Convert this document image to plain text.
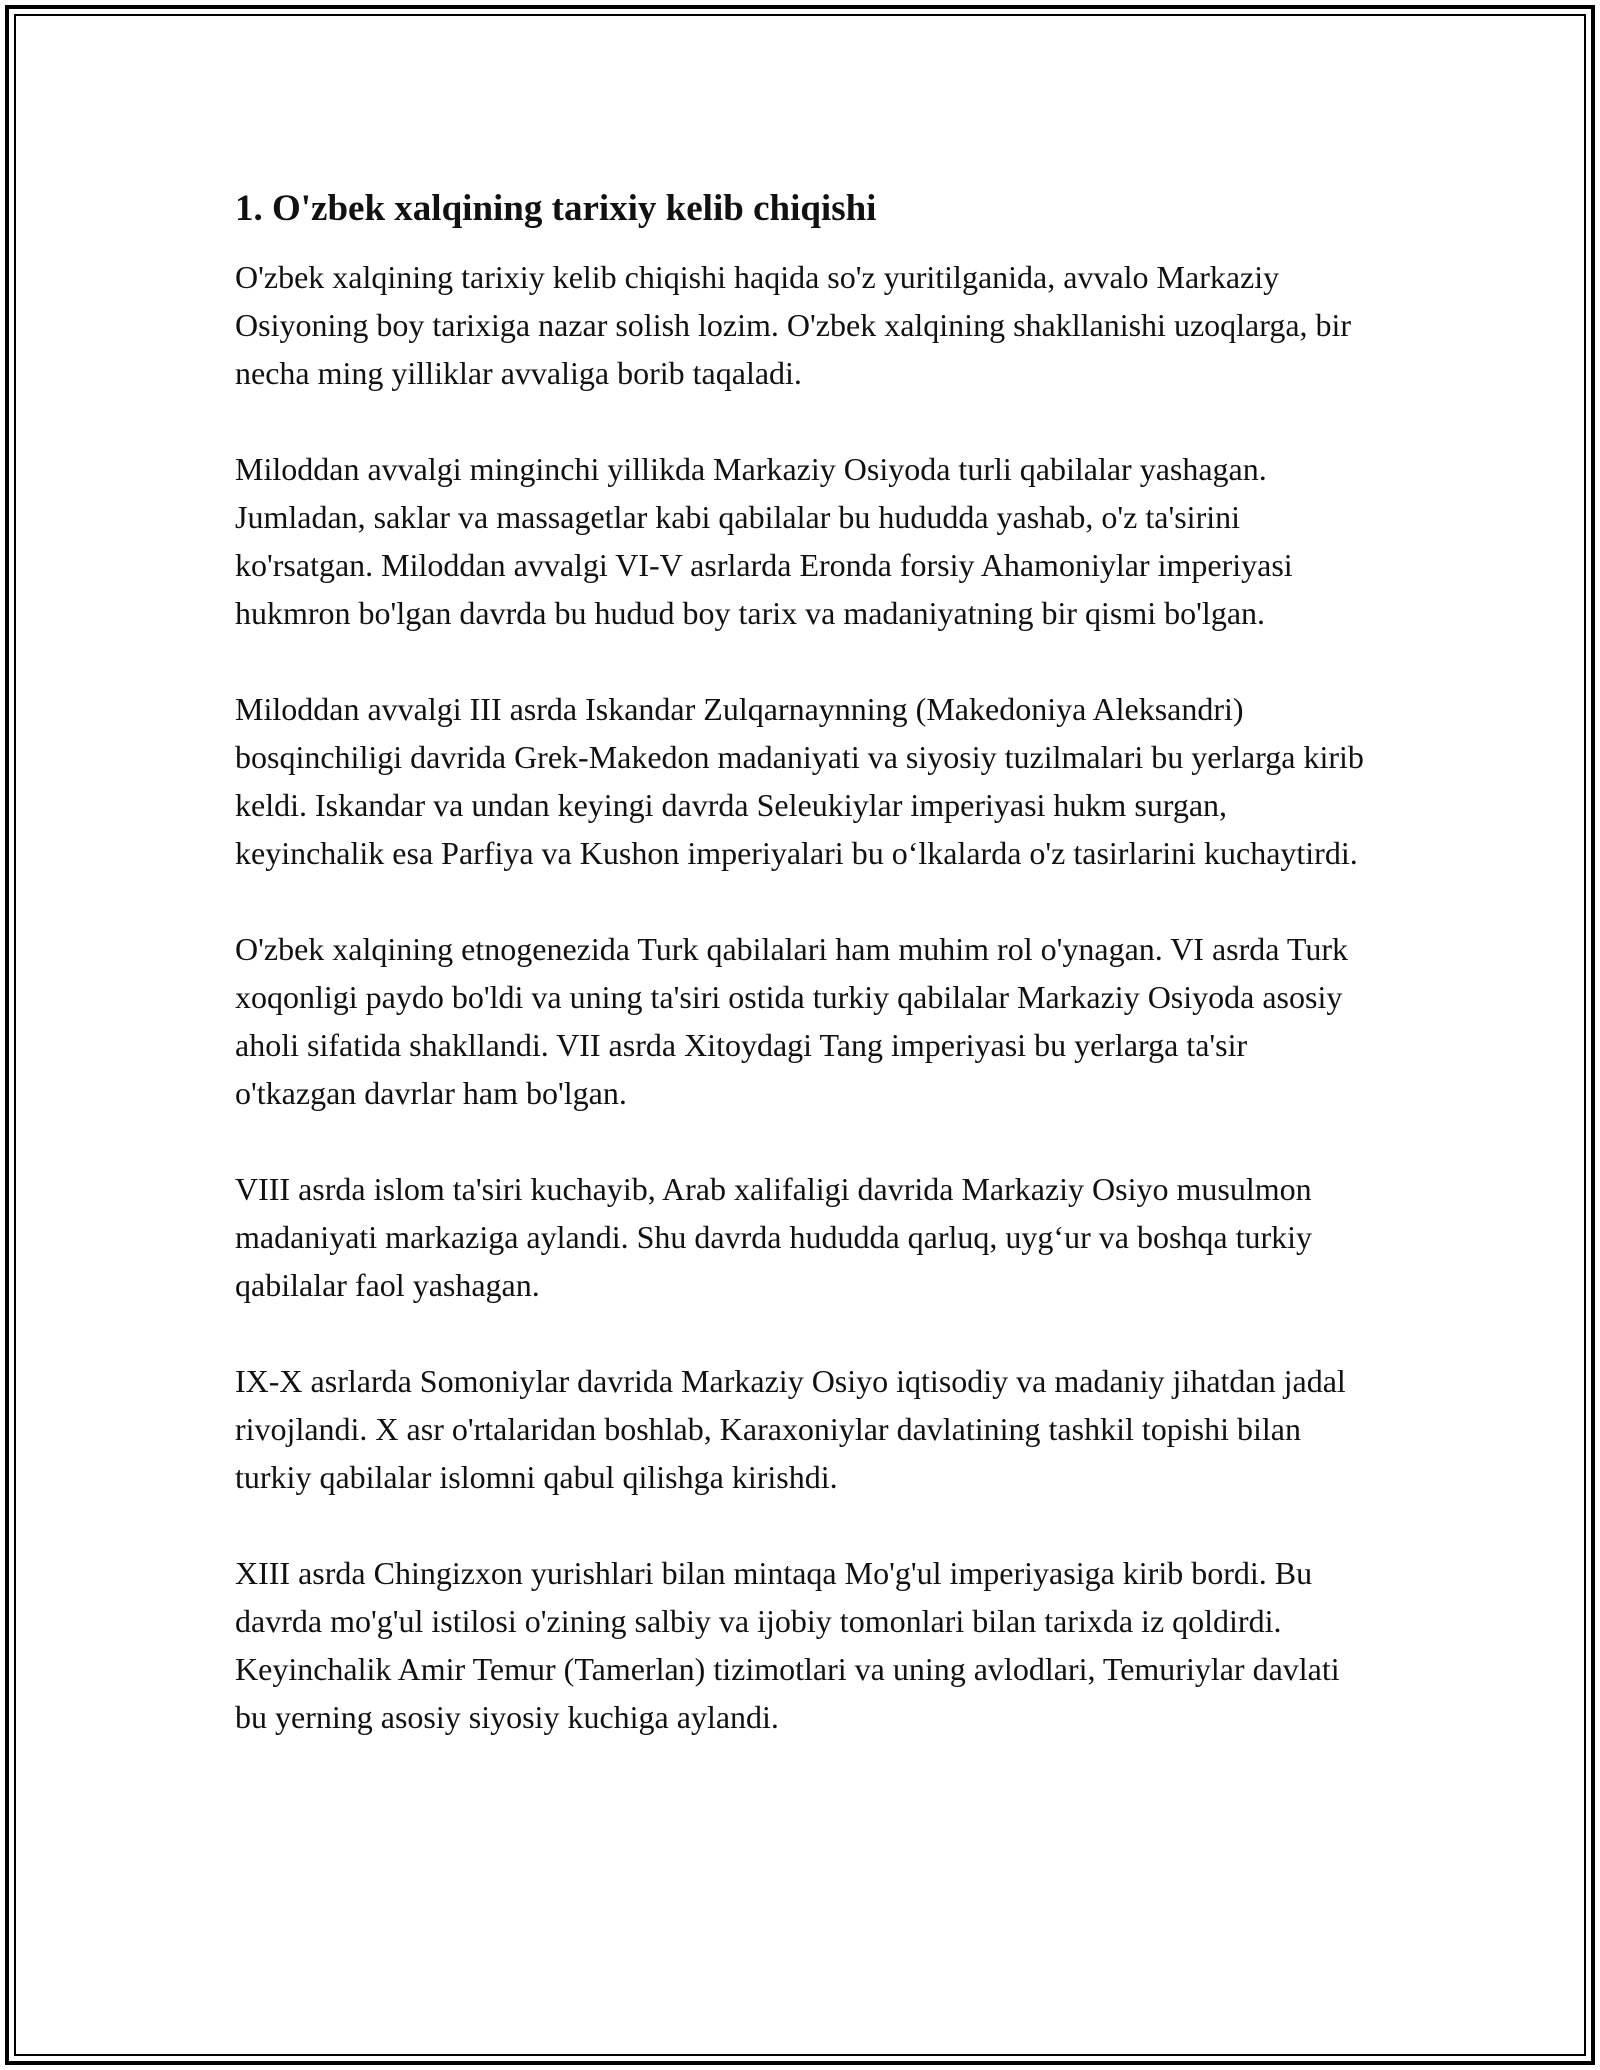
1. O'zbek xalqining tarixiy kelib chiqishi

O'zbek xalqining tarixiy kelib chiqishi haqida so'z yuritilganida, avvalo Markaziy Osiyoning boy tarixiga nazar solish lozim. O'zbek xalqining shakllanishi uzoqlarga, bir necha ming yilliklar avvaliga borib taqaladi.

Miloddan avvalgi minginchi yillikda Markaziy Osiyoda turli qabilalar yashagan. Jumladan, saklar va massagetlar kabi qabilalar bu hududda yashab, o'z ta'sirini ko'rsatgan. Miloddan avvalgi VI-V asrlarda Eronda forsiy Ahamoniylar imperiyasi hukmron bo'lgan davrda bu hudud boy tarix va madaniyatning bir qismi bo'lgan.

Miloddan avvalgi III asrda Iskandar Zulqarnaynning (Makedoniya Aleksandri) bosqinchiligi davrida Grek-Makedon madaniyati va siyosiy tuzilmalari bu yerlarga kirib keldi. Iskandar va undan keyingi davrda Seleukiylar imperiyasi hukm surgan, keyinchalik esa Parfiya va Kushon imperiyalari bu o‘lkalarda o'z tasirlarini kuchaytirdi.

O'zbek xalqining etnogenezida Turk qabilalari ham muhim rol o'ynagan. VI asrda Turk xoqonligi paydo bo'ldi va uning ta'siri ostida turkiy qabilalar Markaziy Osiyoda asosiy aholi sifatida shakllandi. VII asrda Xitoydagi Tang imperiyasi bu yerlarga ta'sir o'tkazgan davrlar ham bo'lgan.

VIII asrda islom ta'siri kuchayib, Arab xalifaligi davrida Markaziy Osiyo musulmon madaniyati markaziga aylandi. Shu davrda hududda qarluq, uyg‘ur va boshqa turkiy qabilalar faol yashagan.

IX-X asrlarda Somoniylar davrida Markaziy Osiyo iqtisodiy va madaniy jihatdan jadal rivojlandi. X asr o'rtalaridan boshlab, Karaxoniylar davlatining tashkil topishi bilan turkiy qabilalar islomni qabul qilishga kirishdi.

XIII asrda Chingizxon yurishlari bilan mintaqa Mo'g'ul imperiyasiga kirib bordi. Bu davrda mo'g'ul istilosi o'zining salbiy va ijobiy tomonlari bilan tarixda iz qoldirdi. Keyinchalik Amir Temur (Tamerlan) tizimotlari va uning avlodlari, Temuriylar davlati bu yerning asosiy siyosiy kuchiga aylandi.
